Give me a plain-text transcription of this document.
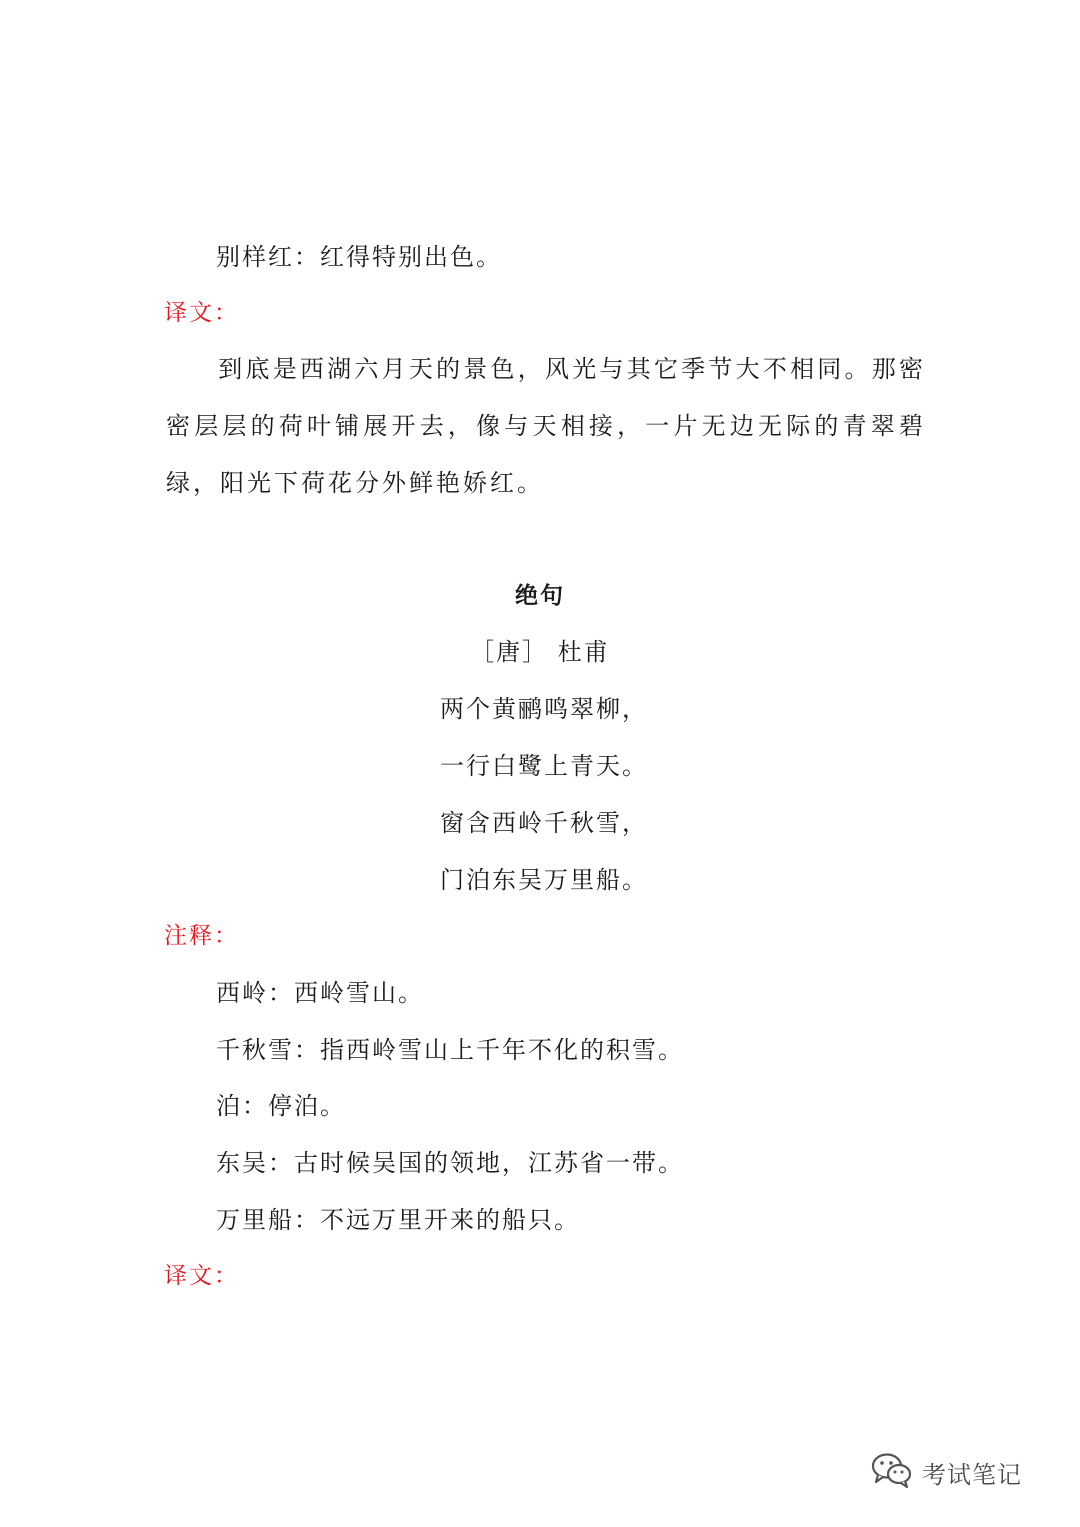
别样红：红得特别出色。
译文：
到底是西湖六月天的景色，风光与其它季节大不相同。那密密层层的荷叶铺展开去，像与天相接，一片无边无际的青翠碧绿，阳光下荷花分外鲜艳娇红。
绝句
［唐］ 杜甫
两个黄鹂鸣翠柳，
一行白鹭上青天。
窗含西岭千秋雪，
门泊东吴万里船。
注释：
西岭：西岭雪山。
千秋雪：指西岭雪山上千年不化的积雪。
泊：停泊。
东吴：古时候吴国的领地，江苏省一带。
万里船：不远万里开来的船只。
译文：
考试笔记
